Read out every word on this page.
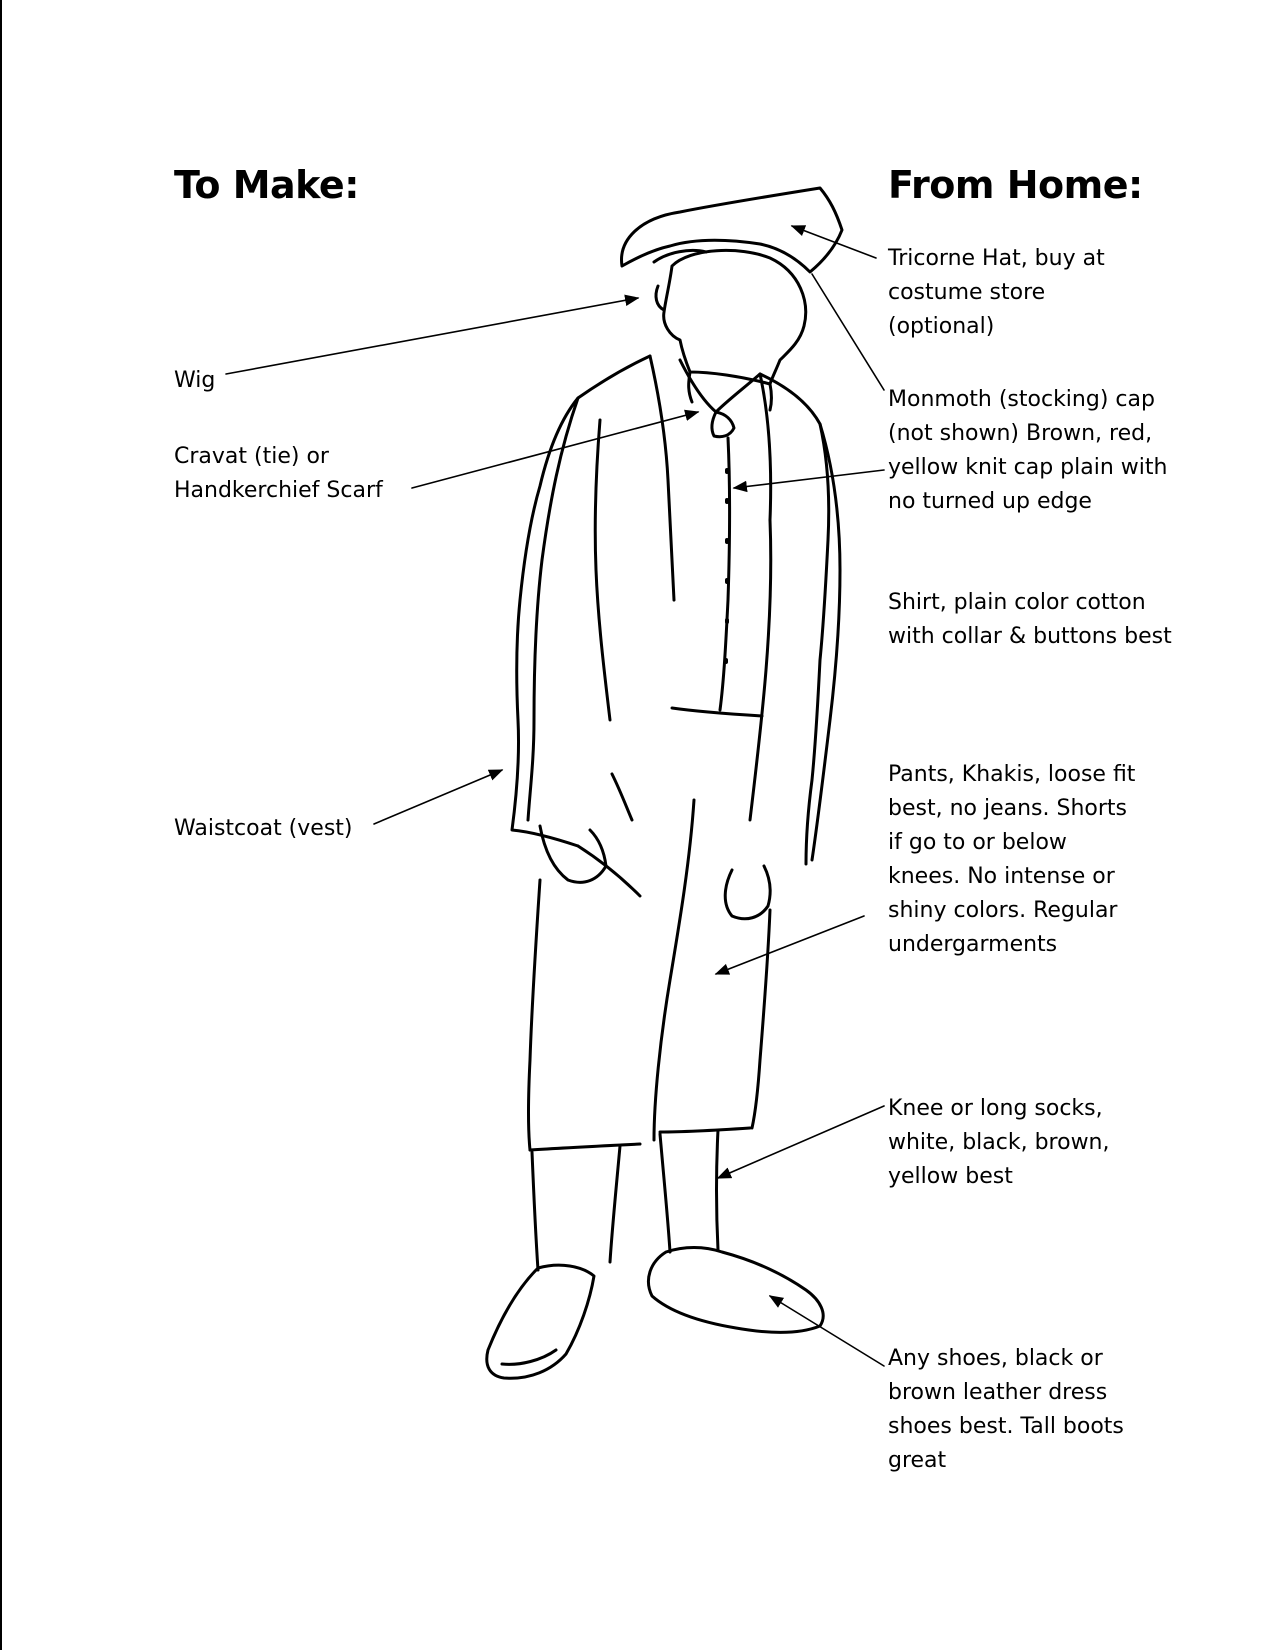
To Make:	From Home:
Wig
Cravat (tie) or
Handkerchief Scarf
Waistcoat (vest)
Tricorne Hat, buy at
costume store
(optional)
Monmoth (stocking) cap
(not shown) Brown, red,
yellow knit cap plain with
no turned up edge
Shirt, plain color cotton
with collar & buttons best
Pants, Khakis, loose fit
best, no jeans. Shorts
if go to or below
knees. No intense or
shiny colors. Regular
undergarments
Knee or long socks,
white, black, brown,
yellow best
Any shoes, black or
brown leather dress
shoes best. Tall boots
great
